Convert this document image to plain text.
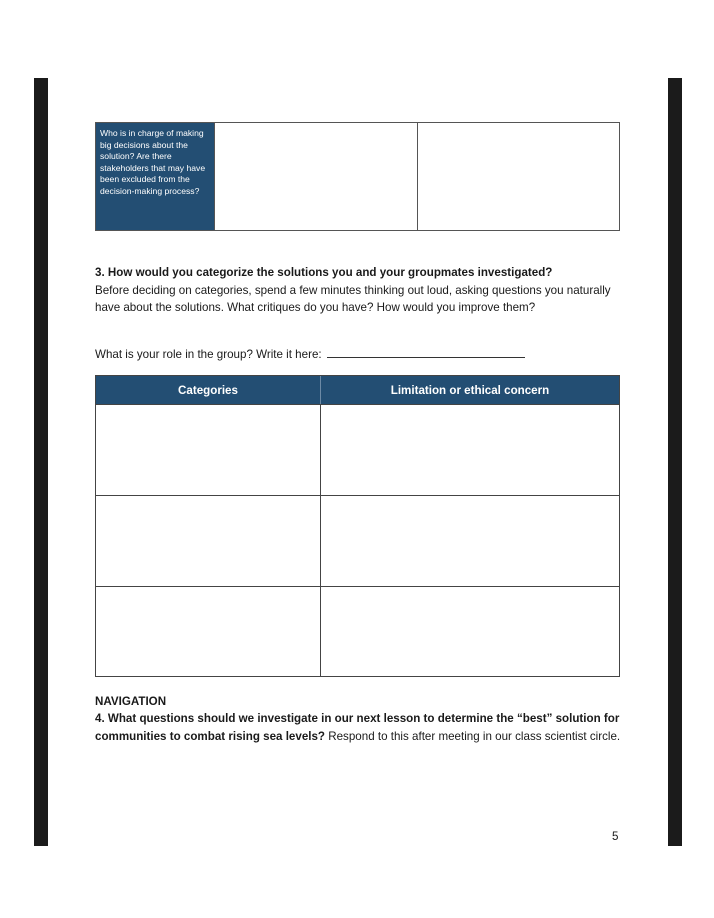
Who is in charge of making big decisions about the solution? Are there stakeholders that may have been excluded from the decision-making process?
3. How would you categorize the solutions you and your groupmates investigated?
Before deciding on categories, spend a few minutes thinking out loud, asking questions you naturally have about the solutions. What critiques do you have? How would you improve them?
What is your role in the group? Write it here:
Categories	Limitation or ethical concern
NAVIGATION
4. What questions should we investigate in our next lesson to determine the “best” solution for communities to combat rising sea levels? Respond to this after meeting in our class scientist circle.
5
